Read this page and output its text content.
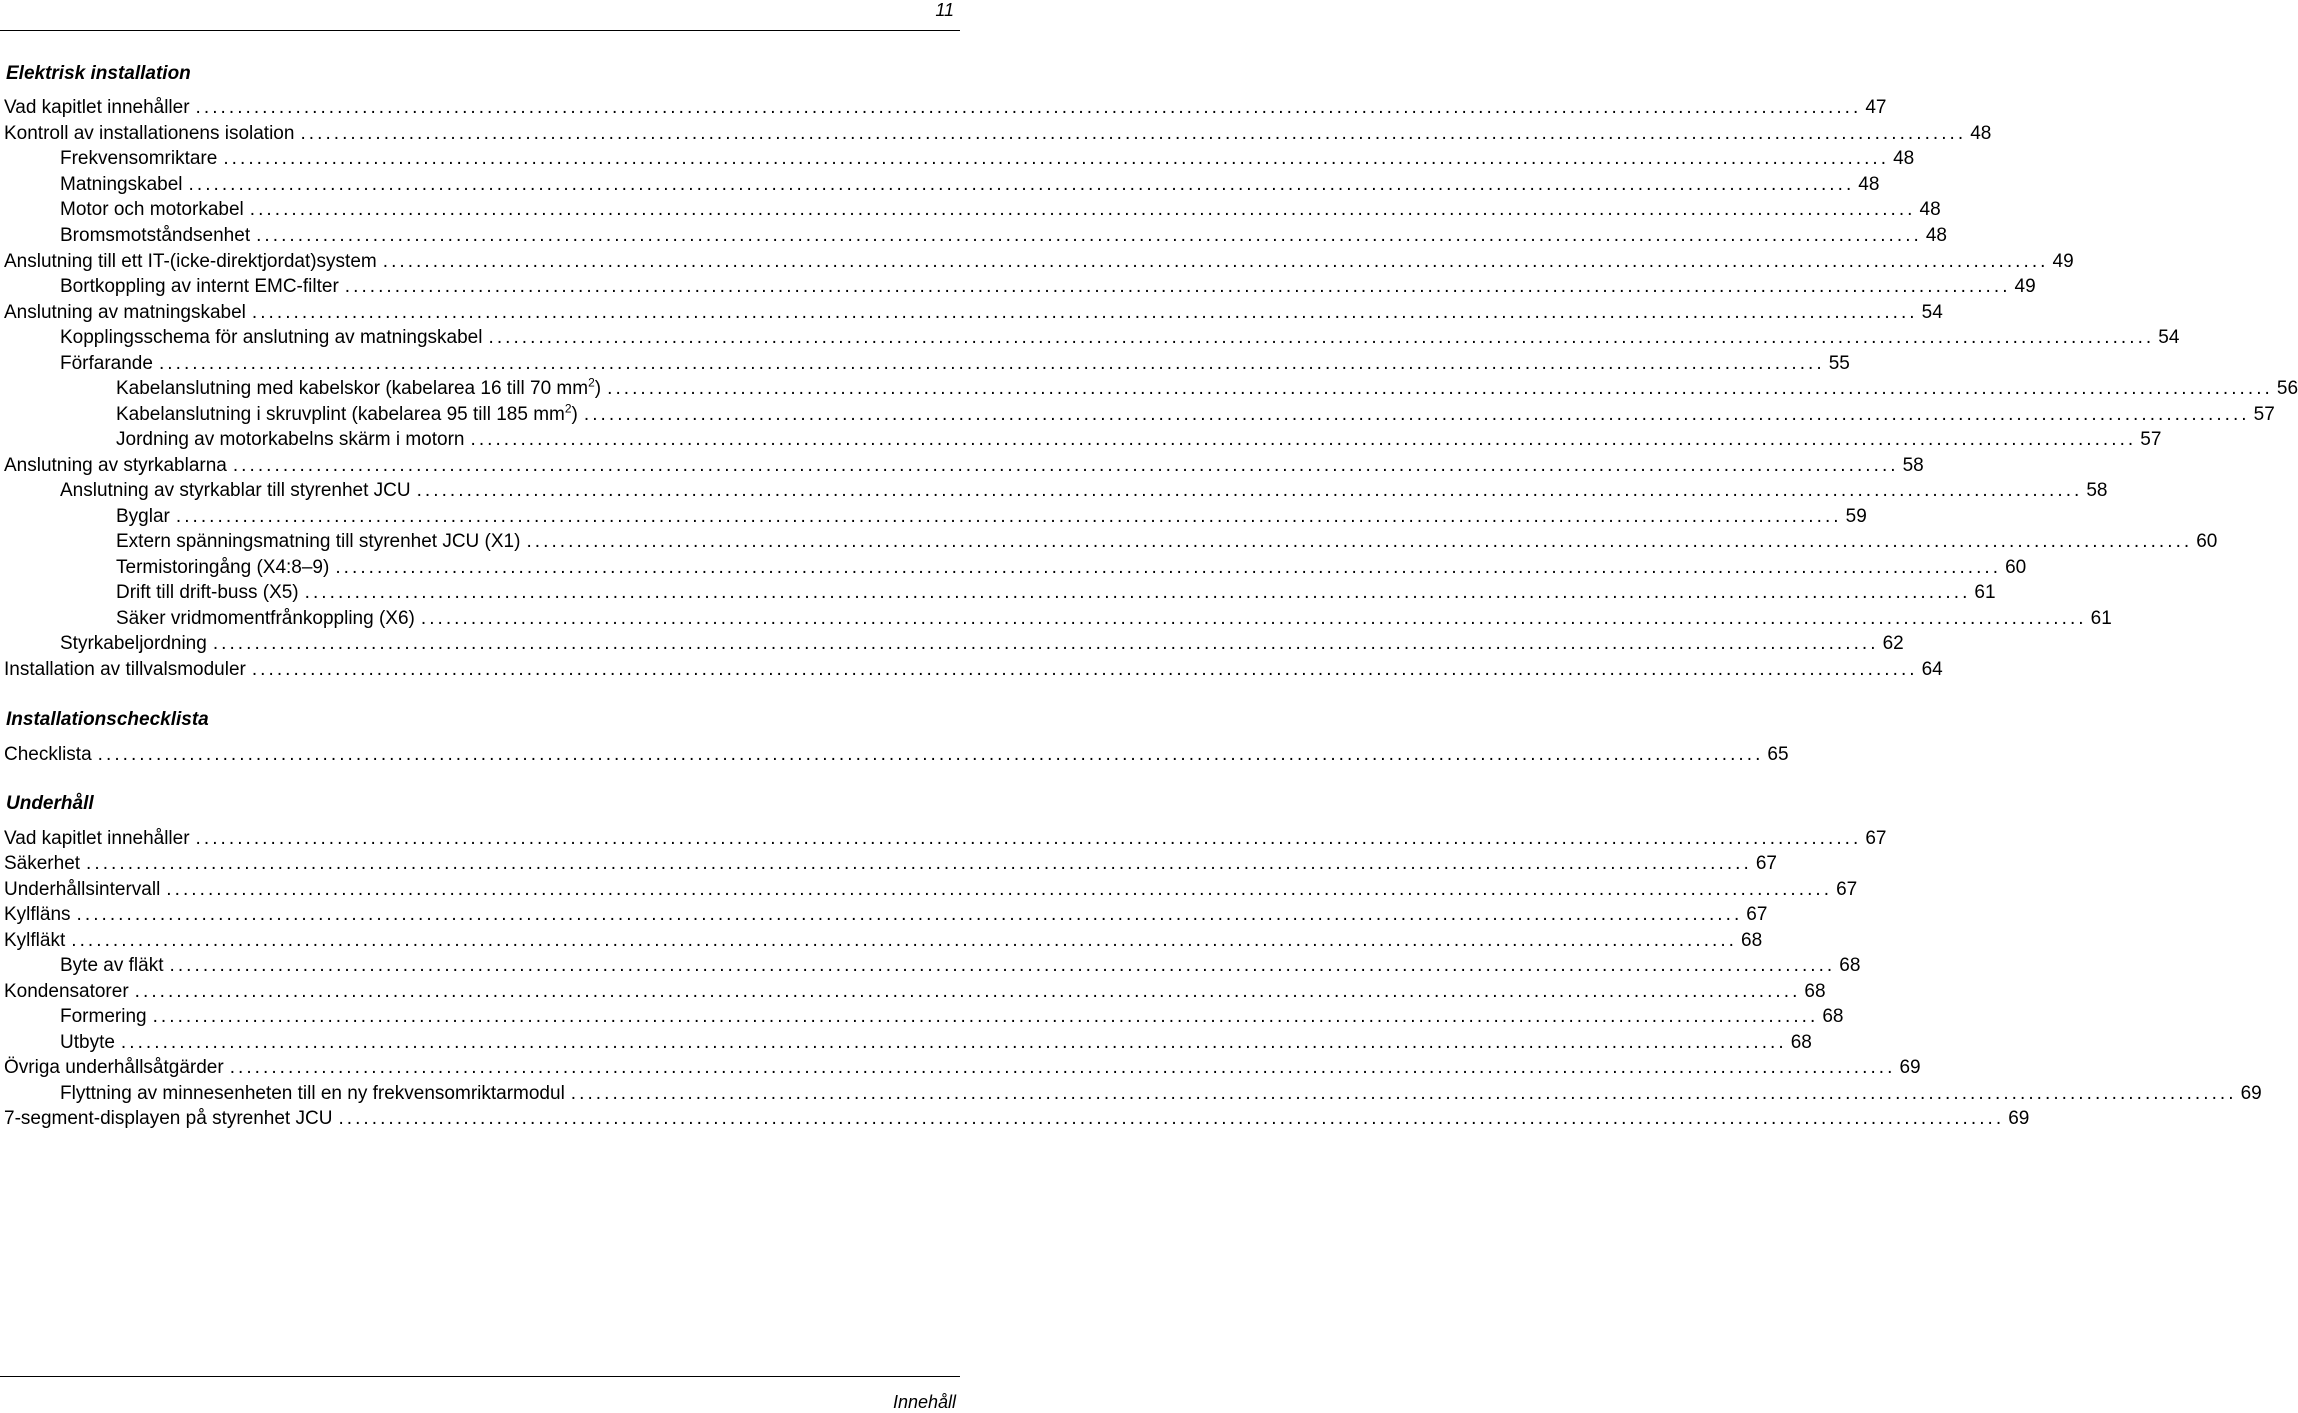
11
Elektrisk installation
Installationschecklista
Underhåll
Vad kapitlet innehåller ........................................................................................................................................................................................................ 47
Kontroll av installationens isolation ........................................................................................................................................................................................................ 48
Frekvensomriktare ........................................................................................................................................................................................................ 48
Matningskabel ........................................................................................................................................................................................................ 48
Motor och motorkabel ........................................................................................................................................................................................................ 48
Bromsmotståndsenhet ........................................................................................................................................................................................................ 48
Anslutning till ett IT-(icke-direktjordat)system ........................................................................................................................................................................................................ 49
Bortkoppling av internt EMC-filter ........................................................................................................................................................................................................ 49
Anslutning av matningskabel ........................................................................................................................................................................................................ 54
Kopplingsschema för anslutning av matningskabel ........................................................................................................................................................................................................ 54
Förfarande ........................................................................................................................................................................................................ 55
Kabelanslutning med kabelskor (kabelarea 16 till 70 $mm^2$) ........................................................................................................................................................................................................ 56
Kabelanslutning i skruvplint (kabelarea 95 till 185 $mm^2$) ........................................................................................................................................................................................................ 57
Jordning av motorkabelns skärm i motorn ........................................................................................................................................................................................................ 57
Anslutning av styrkablarna ........................................................................................................................................................................................................ 58
Anslutning av styrkablar till styrenhet JCU ........................................................................................................................................................................................................ 58
Byglar ........................................................................................................................................................................................................ 59
Extern spänningsmatning till styrenhet JCU (X1) ........................................................................................................................................................................................................ 60
Termistoringång (X4:8–9) ........................................................................................................................................................................................................ 60
Drift till drift-buss (X5) ........................................................................................................................................................................................................ 61
Säker vridmomentfrånkoppling (X6) ........................................................................................................................................................................................................ 61
Styrkabeljordning ........................................................................................................................................................................................................ 62
Installation av tillvalsmoduler ........................................................................................................................................................................................................ 64
Checklista ........................................................................................................................................................................................................ 65
Vad kapitlet innehåller ........................................................................................................................................................................................................ 67
Säkerhet ........................................................................................................................................................................................................ 67
Underhållsintervall ........................................................................................................................................................................................................ 67
Kylfläns ........................................................................................................................................................................................................ 67
Kylfläkt ........................................................................................................................................................................................................ 68
Byte av fläkt ........................................................................................................................................................................................................ 68
Kondensatorer ........................................................................................................................................................................................................ 68
Formering ........................................................................................................................................................................................................ 68
Utbyte ........................................................................................................................................................................................................ 68
Övriga underhållsåtgärder ........................................................................................................................................................................................................ 69
Flyttning av minnesenheten till en ny frekvensomriktarmodul ........................................................................................................................................................................................................ 69
7-segment-displayen på styrenhet JCU ........................................................................................................................................................................................................ 69
Innehåll
